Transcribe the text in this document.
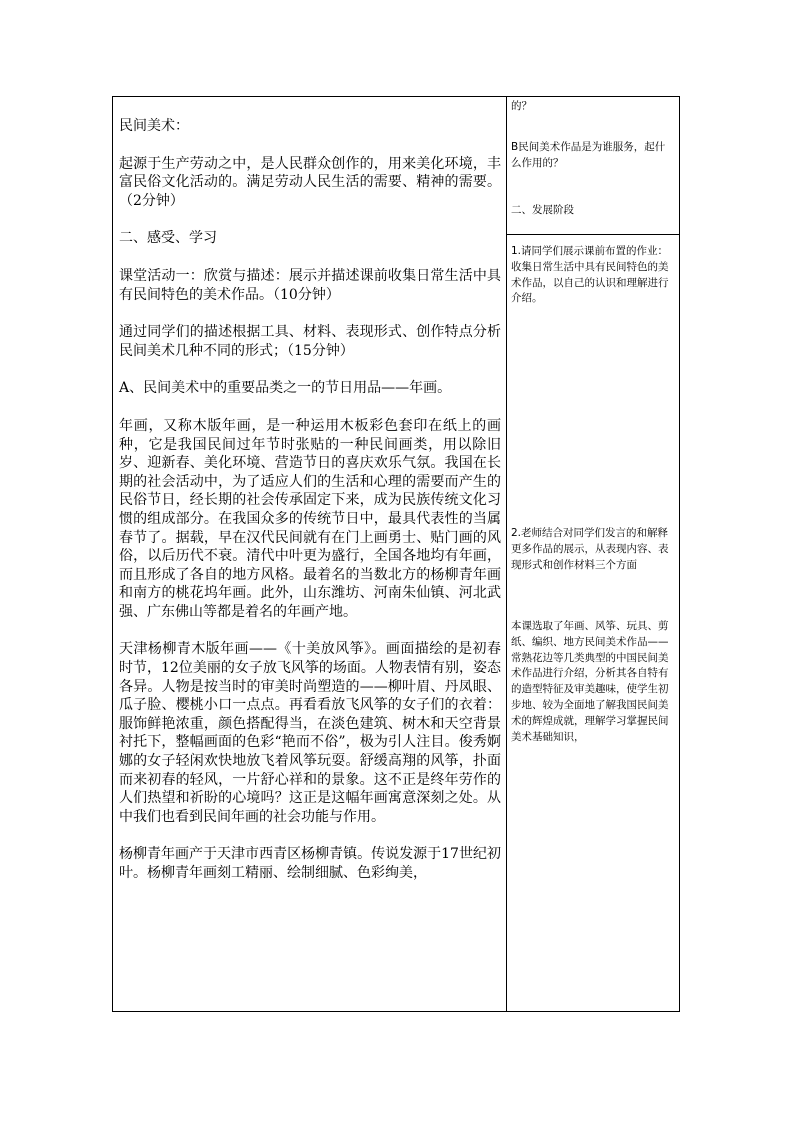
民间美术：

起源于生产劳动之中，是人民群众创作的，用来美化环境，丰富民俗文化活动的。满足劳动人民生活的需要、精神的需要。（2分钟）

二、感受、学习

课堂活动一：欣赏与描述：展示并描述课前收集日常生活中具有民间特色的美术作品。（10分钟）

通过同学们的描述根据工具、材料、表现形式、创作特点分析民间美术几种不同的形式；（15分钟）

A、民间美术中的重要品类之一的节日用品——年画。

年画，又称木版年画，是一种运用木板彩色套印在纸上的画种，它是我国民间过年节时张贴的一种民间画类，用以除旧岁、迎新春、美化环境、营造节日的喜庆欢乐气氛。我国在长期的社会活动中，为了适应人们的生活和心理的需要而产生的民俗节日，经长期的社会传承固定下来，成为民族传统文化习惯的组成部分。在我国众多的传统节日中，最具代表性的当属春节了。据载，早在汉代民间就有在门上画勇士、贴门画的风俗，以后历代不衰。清代中叶更为盛行，全国各地均有年画，而且形成了各自的地方风格。最着名的当数北方的杨柳青年画和南方的桃花坞年画。此外，山东潍坊、河南朱仙镇、河北武强、广东佛山等都是着名的年画产地。

天津杨柳青木版年画——《十美放风筝》。画面描绘的是初春时节，12位美丽的女子放飞风筝的场面。人物表情有别，姿态各异。人物是按当时的审美时尚塑造的——柳叶眉、丹凤眼、瓜子脸、樱桃小口一点点。再看看放飞风筝的女子们的衣着：服饰鲜艳浓重，颜色搭配得当，在淡色建筑、树木和天空背景衬托下，整幅画面的色彩“艳而不俗”，极为引人注目。俊秀婀娜的女子轻闲欢快地放飞着风筝玩耍。舒缓高翔的风筝，扑面而来初春的轻风，一片舒心祥和的景象。这不正是终年劳作的人们热望和祈盼的心境吗？这正是这幅年画寓意深刻之处。从中我们也看到民间年画的社会功能与作用。

杨柳青年画产于天津市西青区杨柳青镇。传说发源于17世纪初叶。杨柳青年画刻工精丽、绘制细腻、色彩绚美，

的？

B民间美术作品是为谁服务，起什么作用的？

二、发展阶段

1.请同学们展示课前布置的作业：收集日常生活中具有民间特色的美术作品，以自己的认识和理解进行介绍。

2.老师结合对同学们发言的和解释更多作品的展示，从表现内容、表现形式和创作材料三个方面

本课选取了年画、风筝、玩具、剪纸、编织、地方民间美术作品——常熟花边等几类典型的中国民间美术作品进行介绍，分析其各自特有的造型特征及审美趣味，使学生初步地、较为全面地了解我国民间美术的辉煌成就，理解学习掌握民间美术基础知识，
